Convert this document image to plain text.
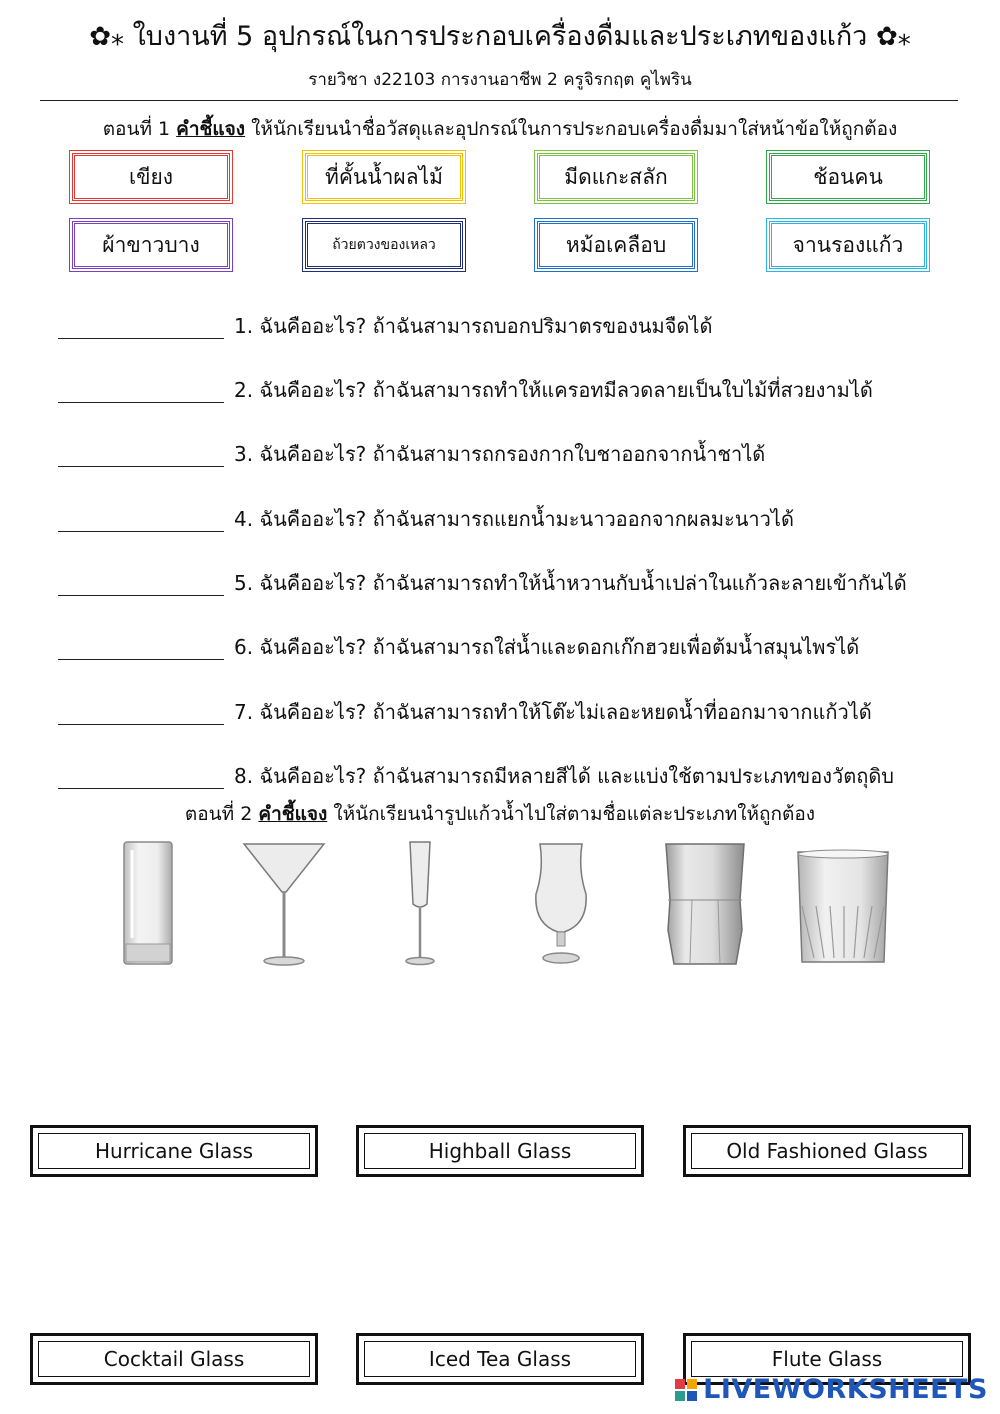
✿⁎ ใบงานที่ 5 อุปกรณ์ในการประกอบเครื่องดื่มและประเภทของแก้ว ✿⁎
รายวิชา ง22103 การงานอาชีพ 2 ครูจิรกฤต คูไพริน
ตอนที่ 1 คำชี้แจง ให้นักเรียนนำชื่อวัสดุและอุปกรณ์ในการประกอบเครื่องดื่มมาใส่หน้าข้อให้ถูกต้อง
เขียง	ที่คั้นน้ำผลไม้	มีดแกะสลัก	ช้อนคน
ผ้าขาวบาง	ถ้วยตวงของเหลว	หม้อเคลือบ	จานรองแก้ว
1. ฉันคืออะไร? ถ้าฉันสามารถบอกปริมาตรของนมจืดได้
2. ฉันคืออะไร? ถ้าฉันสามารถทำให้แครอทมีลวดลายเป็นใบไม้ที่สวยงามได้
3. ฉันคืออะไร? ถ้าฉันสามารถกรองกากใบชาออกจากน้ำชาได้
4. ฉันคืออะไร? ถ้าฉันสามารถแยกน้ำมะนาวออกจากผลมะนาวได้
5. ฉันคืออะไร? ถ้าฉันสามารถทำให้น้ำหวานกับน้ำเปล่าในแก้วละลายเข้ากันได้
6. ฉันคืออะไร? ถ้าฉันสามารถใส่น้ำและดอกเก๊กฮวยเพื่อต้มน้ำสมุนไพรได้
7. ฉันคืออะไร? ถ้าฉันสามารถทำให้โต๊ะไม่เลอะหยดน้ำที่ออกมาจากแก้วได้
8. ฉันคืออะไร? ถ้าฉันสามารถมีหลายสีได้ และแบ่งใช้ตามประเภทของวัตถุดิบ
ตอนที่ 2 คำชี้แจง ให้นักเรียนนำรูปแก้วน้ำไปใส่ตามชื่อแต่ละประเภทให้ถูกต้อง
Hurricane Glass	Highball Glass	Old Fashioned Glass
Cocktail Glass	Iced Tea Glass	Flute Glass
LIVEWORKSHEETS
